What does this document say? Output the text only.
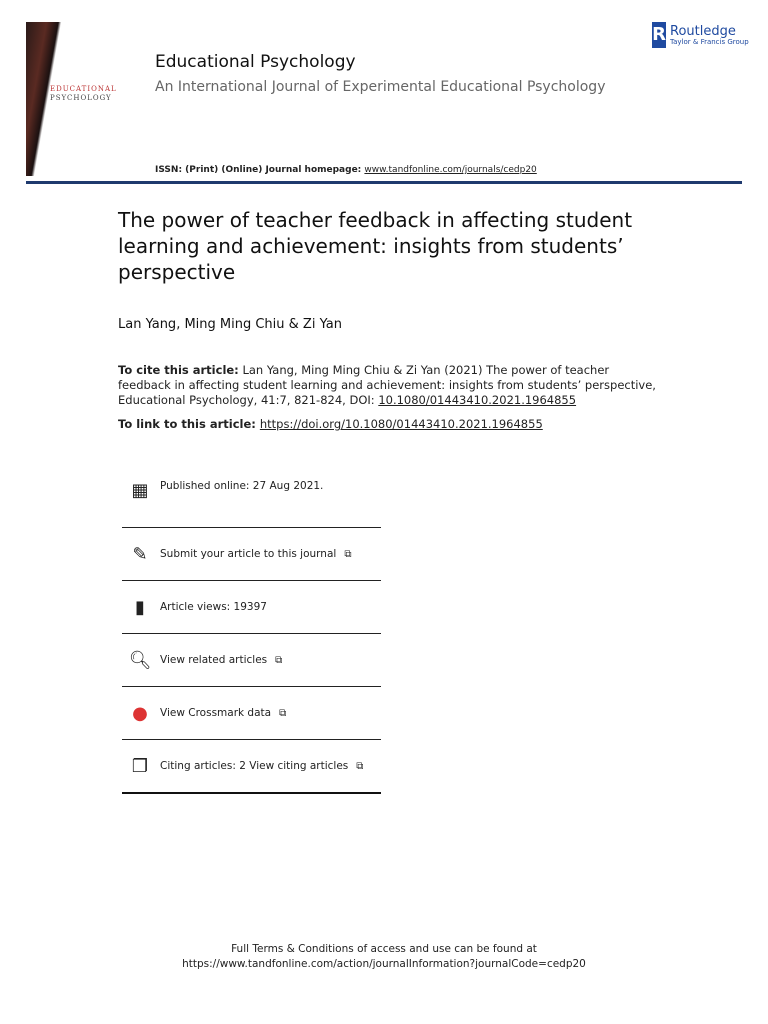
EDUCATIONAL
PSYCHOLOGY
Educational Psychology
An International Journal of Experimental Educational Psychology
ISSN: (Print) (Online) Journal homepage: www.tandfonline.com/journals/cedp20
R Routledge
Taylor & Francis Group
The power of teacher feedback in affecting student learning and achievement: insights from students’ perspective
Lan Yang, Ming Ming Chiu & Zi Yan
To cite this article: Lan Yang, Ming Ming Chiu & Zi Yan (2021) The power of teacher feedback in affecting student learning and achievement: insights from students’ perspective, Educational Psychology, 41:7, 821-824, DOI: 10.1080/01443410.2021.1964855
To link to this article: https://doi.org/10.1080/01443410.2021.1964855
▦	Published online: 27 Aug 2021.
✎	Submit your article to this journal ⧉
▮	Article views: 19397
🔍︎ View related articles ⧉
●	View Crossmark data ⧉
❐	Citing articles: 2 View citing articles ⧉
Full Terms & Conditions of access and use can be found at
https://www.tandfonline.com/action/journalInformation?journalCode=cedp20
